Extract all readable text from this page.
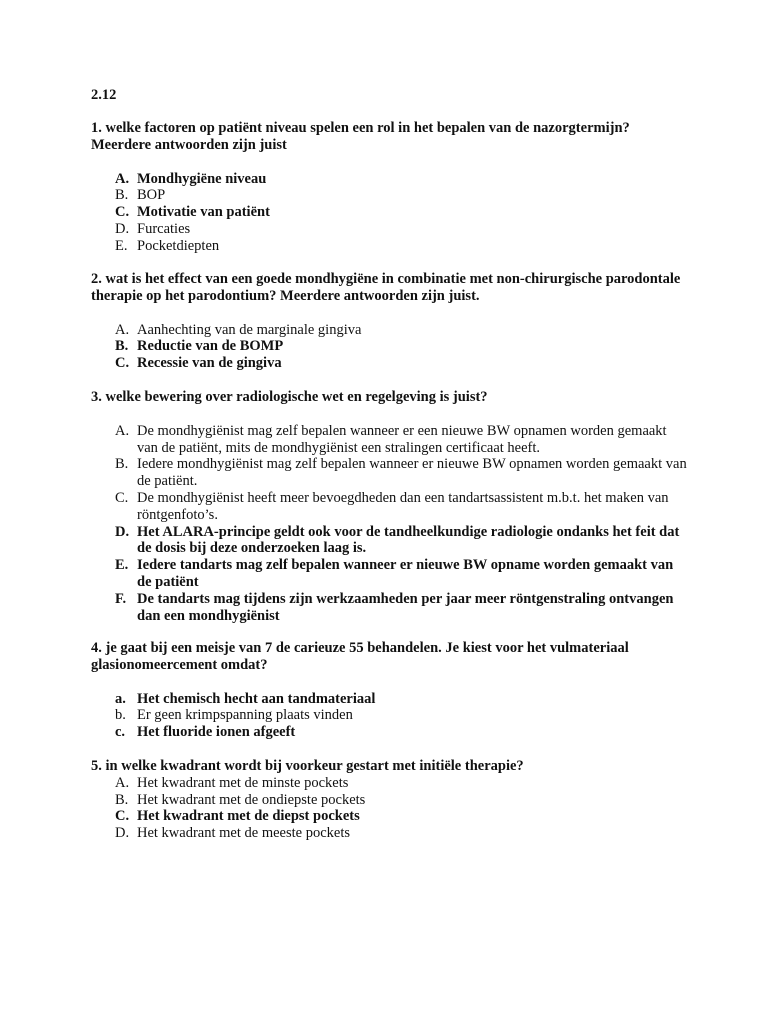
2.12
1. welke factoren op patiënt niveau spelen een rol in het bepalen van de nazorgtermijn? Meerdere antwoorden zijn juist
A. Mondhygiëne niveau
B. BOP
C. Motivatie van patiënt
D. Furcaties
E. Pocketdiepten
2. wat is het effect van een goede mondhygiëne in combinatie met non-chirurgische parodontale therapie op het parodontium? Meerdere antwoorden zijn juist.
A. Aanhechting van de marginale gingiva
B. Reductie van de BOMP
C. Recessie van de gingiva
3. welke bewering over radiologische wet en regelgeving is juist?
A. De mondhygiënist mag zelf bepalen wanneer er een nieuwe BW opnamen worden gemaakt van de patiënt, mits de mondhygiënist een stralingen certificaat heeft.
B. Iedere mondhygiënist mag zelf bepalen wanneer er nieuwe BW opnamen worden gemaakt van de patiënt.
C. De mondhygiënist heeft meer bevoegdheden dan een tandartsassistent m.b.t. het maken van röntgenfoto’s.
D. Het ALARA-principe geldt ook voor de tandheelkundige radiologie ondanks het feit dat de dosis bij deze onderzoeken laag is.
E. Iedere tandarts mag zelf bepalen wanneer er nieuwe BW opname worden gemaakt van de patiënt
F. De tandarts mag tijdens zijn werkzaamheden per jaar meer röntgenstraling ontvangen dan een mondhygiënist
4. je gaat bij een meisje van 7 de carieuze 55 behandelen. Je kiest voor het vulmateriaal glasionomeercement omdat?
a. Het chemisch hecht aan tandmateriaal
b. Er geen krimpspanning plaats vinden
c. Het fluoride ionen afgeeft
5. in welke kwadrant wordt bij voorkeur gestart met initiële therapie?
A. Het kwadrant met de minste pockets
B. Het kwadrant met de ondiepste pockets
C. Het kwadrant met de diepst pockets
D. Het kwadrant met de meeste pockets
